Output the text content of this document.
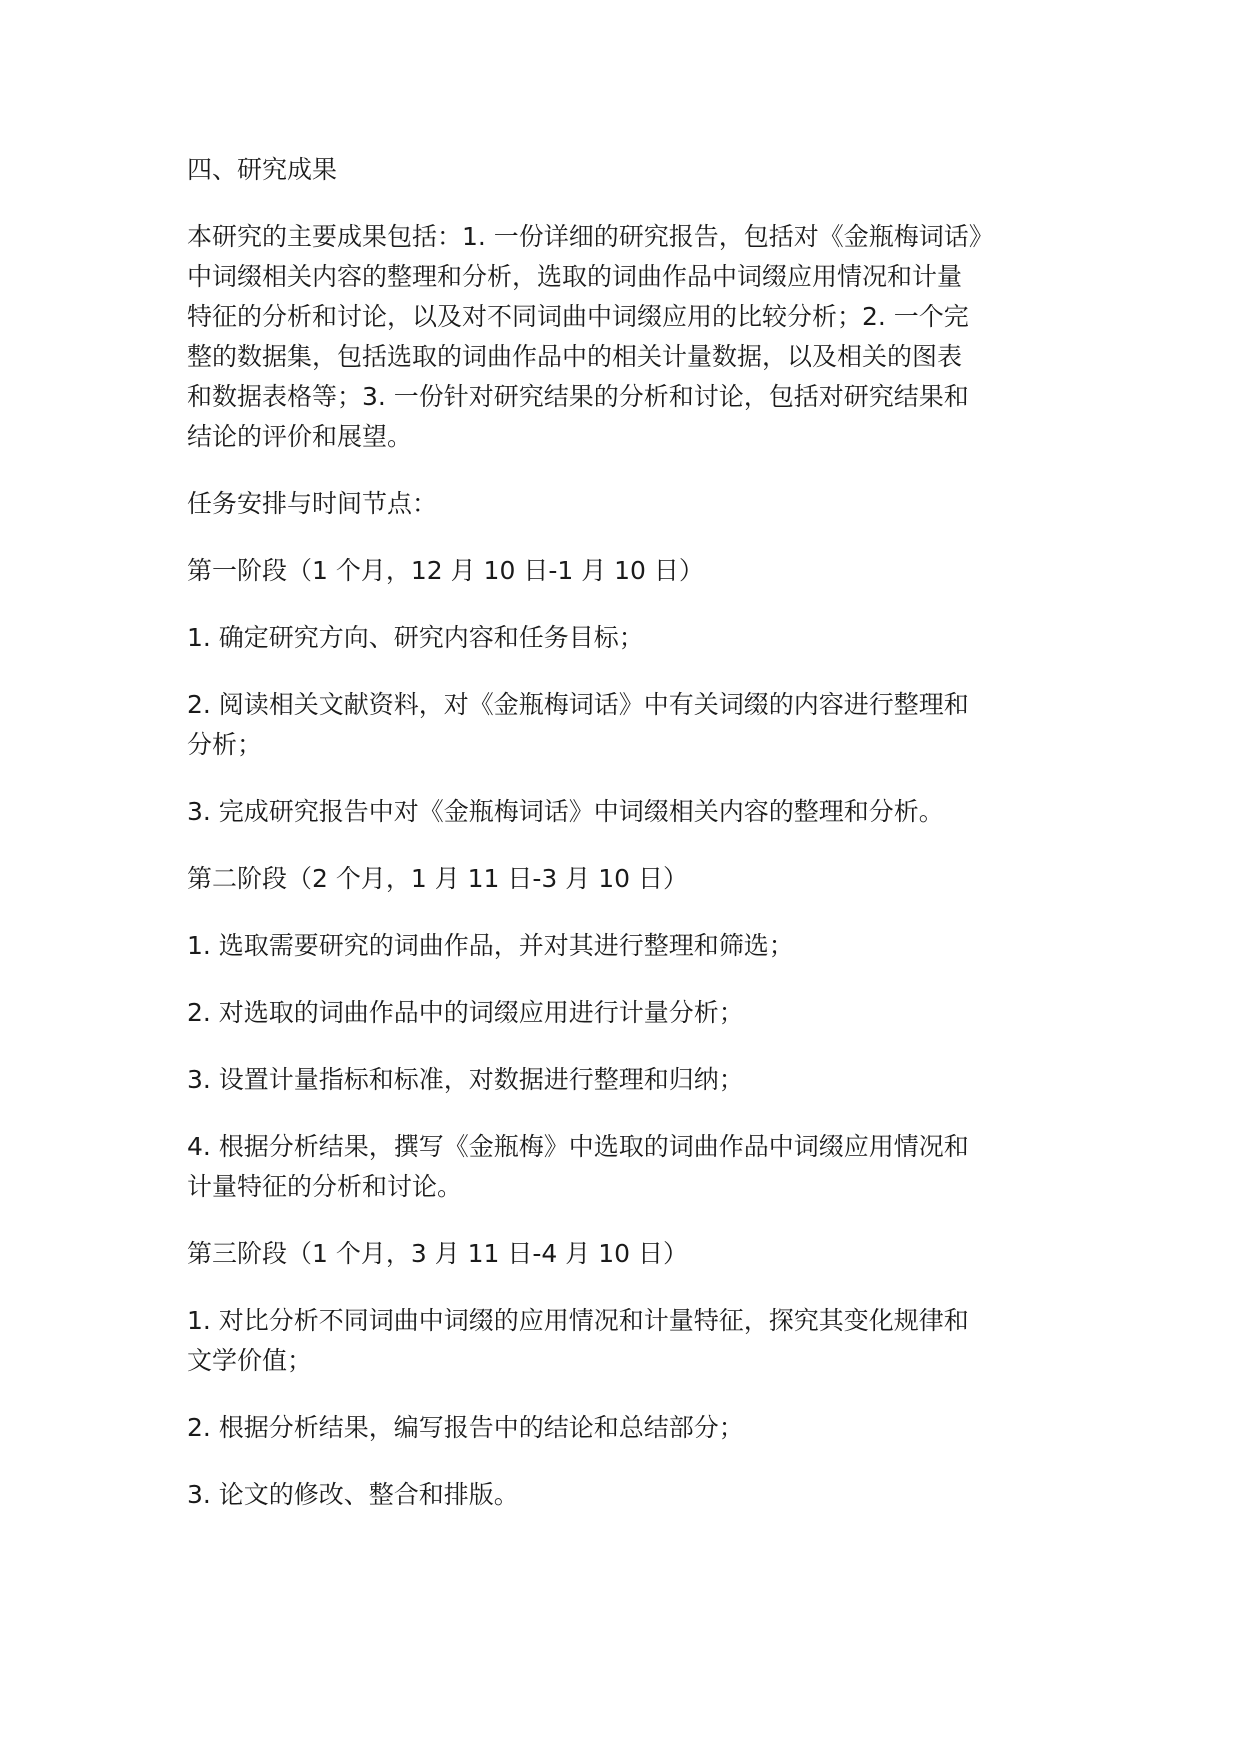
四、研究成果

本研究的主要成果包括：1. 一份详细的研究报告，包括对《金瓶梅词话》

中词缀相关内容的整理和分析，选取的词曲作品中词缀应用情况和计量

特征的分析和讨论，以及对不同词曲中词缀应用的比较分析；2. 一个完

整的数据集，包括选取的词曲作品中的相关计量数据，以及相关的图表

和数据表格等；3. 一份针对研究结果的分析和讨论，包括对研究结果和

结论的评价和展望。

任务安排与时间节点：

第一阶段（1 个月，12 月 10 日-1 月 10 日）

1. 确定研究方向、研究内容和任务目标；

2. 阅读相关文献资料，对《金瓶梅词话》中有关词缀的内容进行整理和

分析；

3. 完成研究报告中对《金瓶梅词话》中词缀相关内容的整理和分析。

第二阶段（2 个月，1 月 11 日-3 月 10 日）

1. 选取需要研究的词曲作品，并对其进行整理和筛选；

2. 对选取的词曲作品中的词缀应用进行计量分析；

3. 设置计量指标和标准，对数据进行整理和归纳；

4. 根据分析结果，撰写《金瓶梅》中选取的词曲作品中词缀应用情况和

计量特征的分析和讨论。

第三阶段（1 个月，3 月 11 日-4 月 10 日）

1. 对比分析不同词曲中词缀的应用情况和计量特征，探究其变化规律和

文学价值；

2. 根据分析结果，编写报告中的结论和总结部分；

3. 论文的修改、整合和排版。
